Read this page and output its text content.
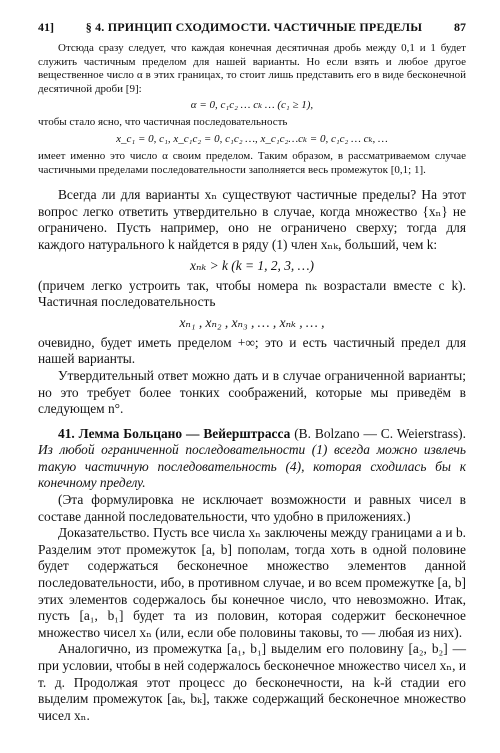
41]	§ 4. ПРИНЦИП СХОДИМОСТИ. ЧАСТИЧНЫЕ ПРЕДЕЛЫ	87

Отсюда сразу следует, что каждая конечная десятичная дробь между 0,1 и 1 будет служить частичным пределом для нашей варианты. Но если взять и любое другое вещественное число α в этих границах, то стоит лишь представить его в виде бесконечной десятичной дроби [9]:

α = 0, c₁c₂ … cₖ … (c₁ ≥ 1),

чтобы стало ясно, что частичная последовательность

x_c₁ = 0, c₁, x_c₁c₂ = 0, c₁c₂ …, x_c₁c₂…cₖ = 0, c₁c₂ … cₖ, …

имеет именно это число α своим пределом. Таким образом, в рассматриваемом случае частичными пределами последовательности заполняется весь промежуток [0,1; 1].

Всегда ли для варианты xₙ существуют частичные пределы? На этот вопрос легко ответить утвердительно в случае, когда множество {xₙ} не ограничено. Пусть например, оно не ограничено сверху; тогда для каждого натурального k найдется в ряду (1) член xₙₖ, больший, чем k:

xₙₖ > k (k = 1, 2, 3, …)

(причем легко устроить так, чтобы номера nₖ возрастали вместе с k). Частичная последовательность

xₙ₁ , xₙ₂ , xₙ₃ , … , xₙₖ , … ,

очевидно, будет иметь пределом +∞; это и есть частичный предел для нашей варианты.

Утвердительный ответ можно дать и в случае ограниченной варианты; но это требует более тонких соображений, которые мы приведём в следующем n°.

41. Лемма Больцано — Вейерштрасса (B. Bolzano — C. Weierstrass). Из любой ограниченной последовательности (1) всегда можно извлечь такую частичную последовательность (4), которая сходилась бы к конечному пределу.

(Эта формулировка не исключает возможности и равных чисел в составе данной последовательности, что удобно в приложениях.)

Доказательство. Пусть все числа xₙ заключены между границами a и b. Разделим этот промежуток [a, b] пополам, тогда хоть в одной половине будет содержаться бесконечное множество элементов данной последовательности, ибо, в противном случае, и во всем промежутке [a, b] этих элементов содержалось бы конечное число, что невозможно. Итак, пусть [a₁, b₁] будет та из половин, которая содержит бесконечное множество чисел xₙ (или, если обе половины таковы, то — любая из них).

Аналогично, из промежутка [a₁, b₁] выделим его половину [a₂, b₂] — при условии, чтобы в ней содержалось бесконечное множество чисел xₙ, и т. д. Продолжая этот процесс до бесконечности, на k-й стадии его выделим промежуток [aₖ, bₖ], также содержащий бесконечное множество чисел xₙ.
